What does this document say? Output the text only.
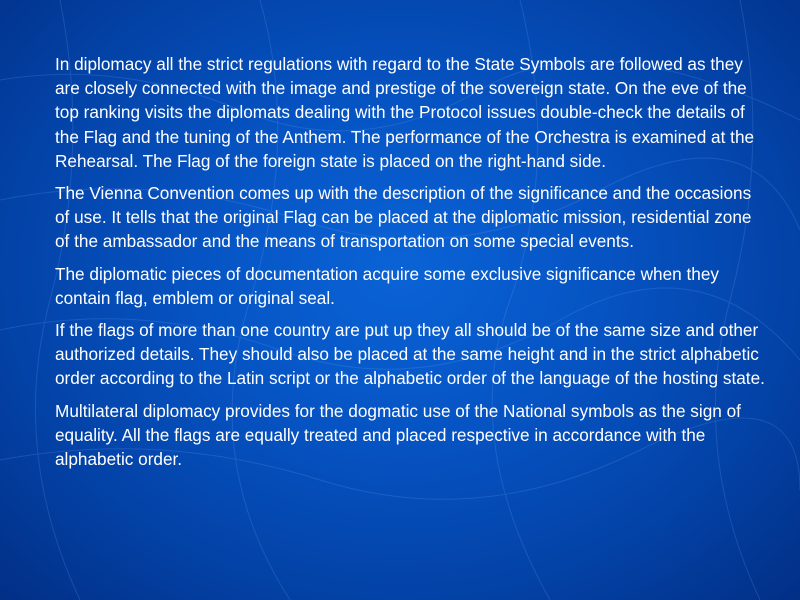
In diplomacy all the strict regulations with regard to the State Symbols are followed as they are closely connected with the image and prestige of the sovereign state. On the eve of the top ranking visits the diplomats dealing with the Protocol issues double-check the details of the Flag and the tuning of the Anthem. The performance of the Orchestra is examined at the Rehearsal. The Flag of the foreign state is placed on the right-hand side.

The Vienna Convention comes up with the description of the significance and the occasions of use. It tells that the original Flag can be placed at the diplomatic mission, residential zone of the ambassador and the means of transportation on some special events.

The diplomatic pieces of documentation acquire some exclusive significance when they contain flag, emblem or original seal.

If the flags of more than one country are put up they all should be of the same size and other authorized details. They should also be placed at the same height and in the strict alphabetic order according to the Latin script or the alphabetic order of the language of the hosting state.

Multilateral diplomacy provides for the dogmatic use of the National symbols as the sign of equality. All the flags are equally treated and placed respective in accordance with the alphabetic order.
